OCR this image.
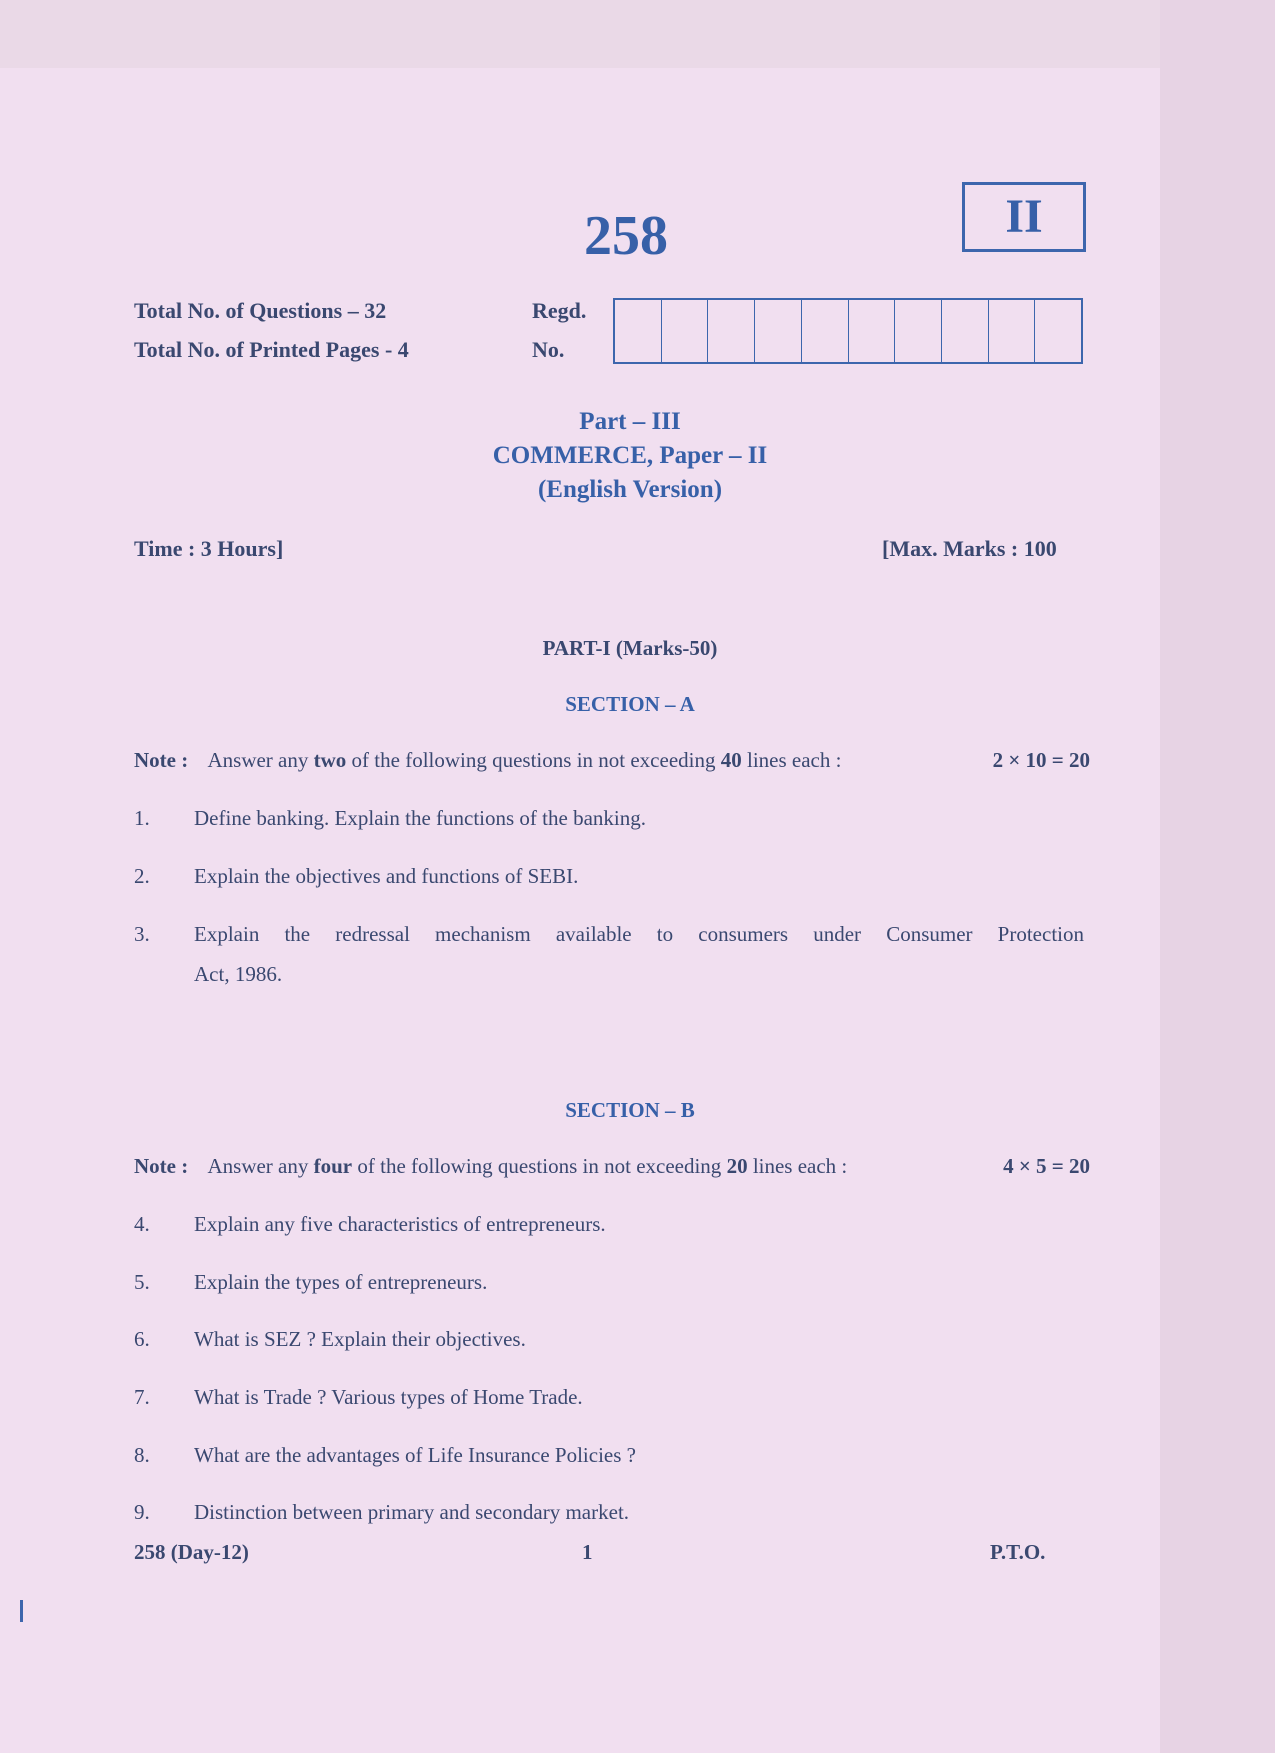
258	II
Total No. of Questions – 32
Total No. of Printed Pages - 4
Regd.
No.
Part – III
COMMERCE, Paper – II
(English Version)
Time : 3 Hours]	[Max. Marks : 100
PART-I (Marks-50)
SECTION – A
Note : Answer any two of the following questions in not exceeding 40 lines each :	2 × 10 = 20
1. Define banking. Explain the functions of the banking.
2. Explain the objectives and functions of SEBI.
3. Explain the redressal mechanism available to consumers under Consumer Protection
Act, 1986.
SECTION – B
Note : Answer any four of the following questions in not exceeding 20 lines each :	4 × 5 = 20
4. Explain any five characteristics of entrepreneurs.
5. Explain the types of entrepreneurs.
6. What is SEZ ? Explain their objectives.
7. What is Trade ? Various types of Home Trade.
8. What are the advantages of Life Insurance Policies ?
9. Distinction between primary and secondary market.
258 (Day-12)	1	P.T.O.
